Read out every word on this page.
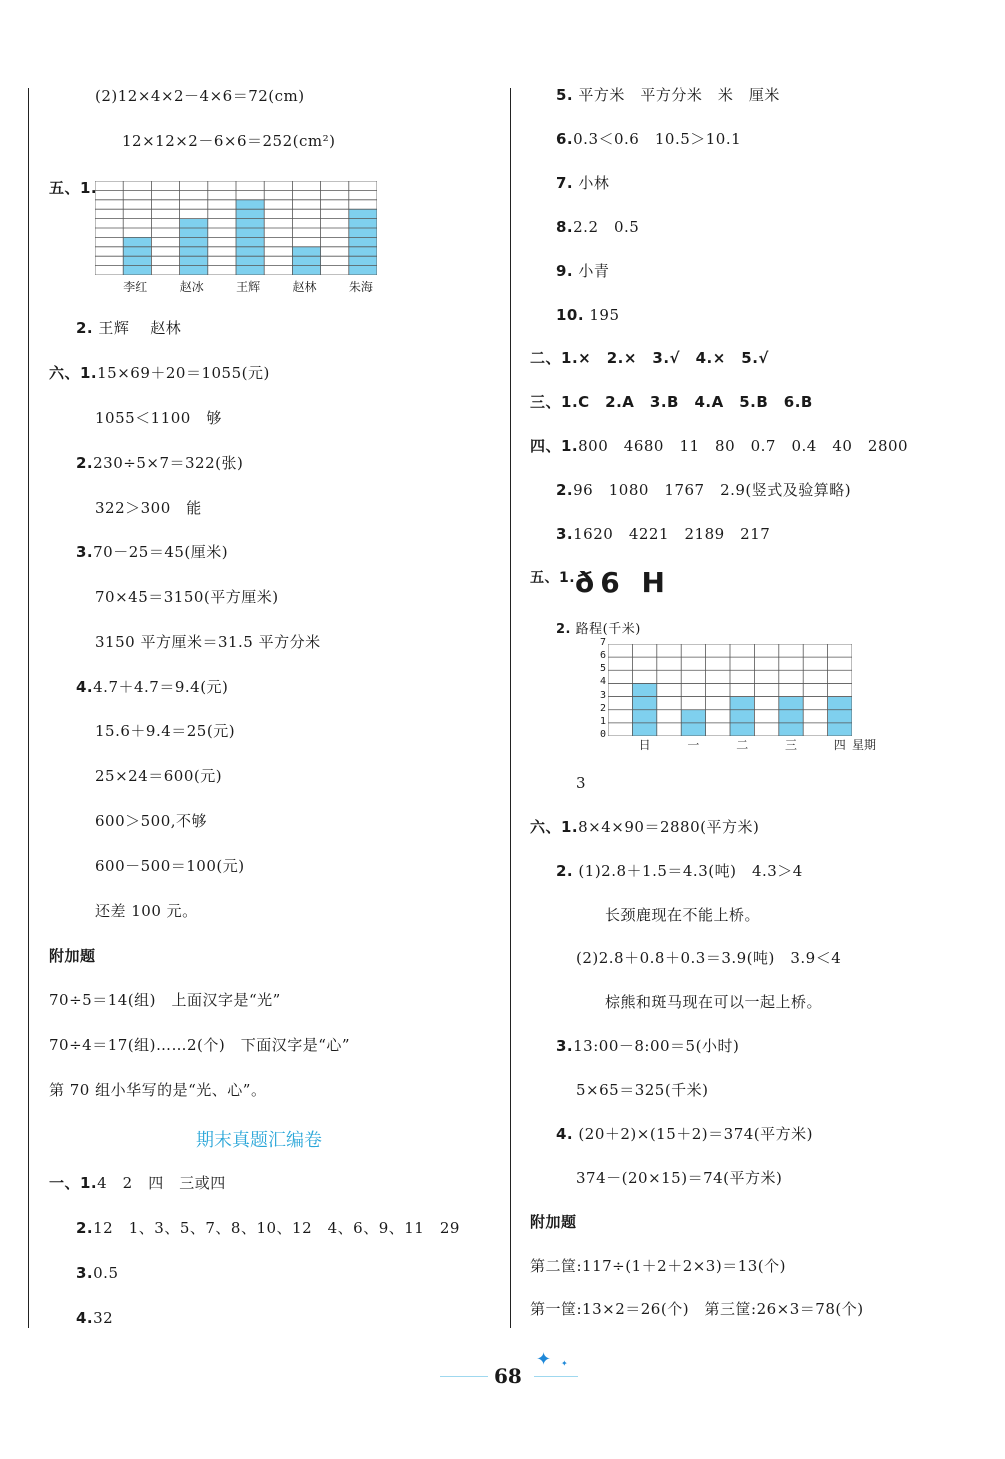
(2)12×4×2－4×6＝72(cm)
12×12×2－6×6＝252(cm²)
五、1.
李红	赵冰	王辉	赵林	朱海
2. 王辉　 赵林
六、1.15×69＋20＝1055(元)
1055＜1100　够
2.230÷5×7＝322(张)
322＞300　能
3.70－25＝45(厘米)
70×45＝3150(平方厘米)
3150 平方厘米＝31.5 平方分米
4.4.7＋4.7＝9.4(元)
15.6＋9.4＝25(元)
25×24＝600(元)
600＞500,不够
600－500＝100(元)
还差 100 元。
附加题
70÷5＝14(组)　上面汉字是“光”
70÷4＝17(组)……2(个)　下面汉字是“心”
第 70 组小华写的是“光、心”。
期末真题汇编卷
一、1.4　2　四　三或四
2.12　1、3、5、7、8、10、12　4、6、9、11　29
3.0.5
4.32
5. 平方米　平方分米　米　厘米
6.0.3＜0.6　10.5＞10.1
7. 小林
8.2.2　0.5
9. 小青
10. 195
二、1.×　2.×　3.√　4.×　5.√
三、1.C　2.A　3.B　4.A　5.B　6.B
四、1.800　4680　11　80　0.7　0.4　40　2800
2.96　1080　1767　2.9(竖式及验算略)
3.1620　4221　2189　217
五、1. ð6 H
2. 路程(千米)
0
1
2
3
4
5
6
7
日	一	二	三	四 星期
3
六、1.8×4×90＝2880(平方米)
2. (1)2.8＋1.5＝4.3(吨)　4.3＞4
长颈鹿现在不能上桥。
(2)2.8＋0.8＋0.3＝3.9(吨)　3.9＜4
棕熊和斑马现在可以一起上桥。
3.13:00－8:00＝5(小时)
5×65＝325(千米)
4. (20＋2)×(15＋2)＝374(平方米)
374－(20×15)＝74(平方米)
附加题
第二筐:117÷(1＋2＋2×3)＝13(个)
第一筐:13×2＝26(个)　第三筐:26×3＝78(个)
68
✦ ✦
